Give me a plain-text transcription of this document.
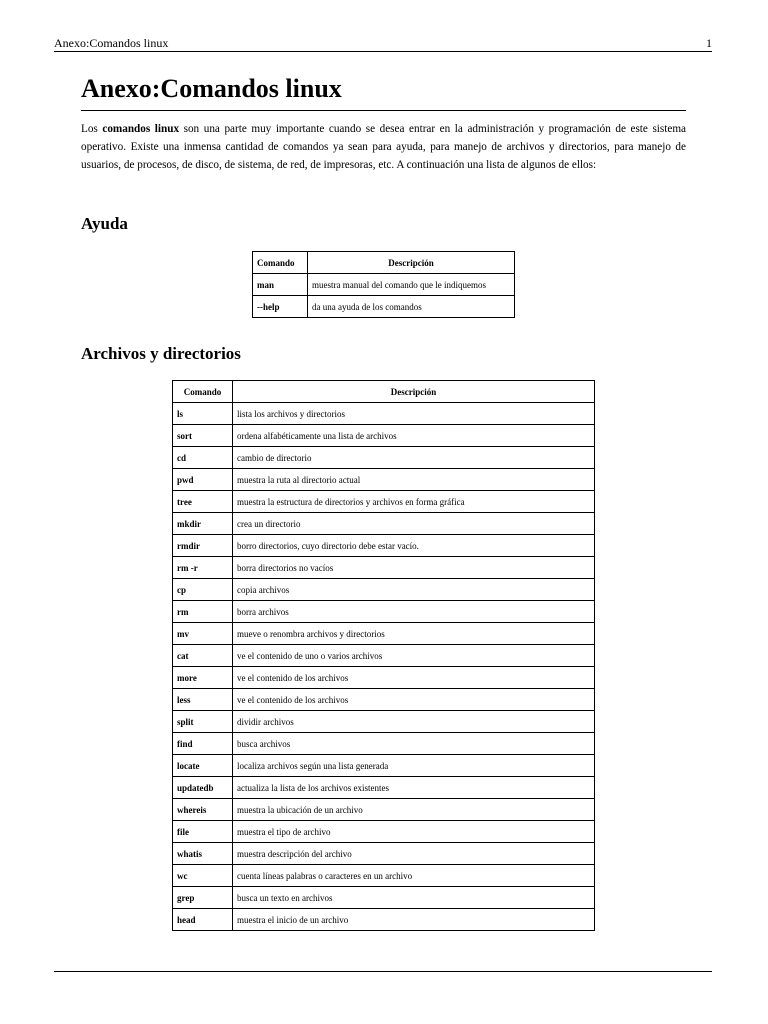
Anexo:Comandos linux	1
Anexo:Comandos linux

Los comandos linux son una parte muy importante cuando se desea entrar en la administración y programación de este sistema operativo. Existe una inmensa cantidad de comandos ya sean para ayuda, para manejo de archivos y directorios, para manejo de usuarios, de procesos, de disco, de sistema, de red, de impresoras, etc. A continuación una lista de algunos de ellos:

Ayuda
Comando	Descripción
man	muestra manual del comando que le indiquemos
--help	da una ayuda de los comandos
Archivos y directorios
Comando	Descripción
ls	lista los archivos y directorios
sort	ordena alfabéticamente una lista de archivos
cd	cambio de directorio
pwd	muestra la ruta al directorio actual
tree	muestra la estructura de directorios y archivos en forma gráfica
mkdir	crea un directorio
rmdir	borro directorios, cuyo directorio debe estar vacío.
rm -r	borra directorios no vacíos
cp	copia archivos
rm	borra archivos
mv	mueve o renombra archivos y directorios
cat	ve el contenido de uno o varios archivos
more	ve el contenido de los archivos
less	ve el contenido de los archivos
split	dividir archivos
find	busca archivos
locate	localiza archivos según una lista generada
updatedb	actualiza la lista de los archivos existentes
whereis	muestra la ubicación de un archivo
file	muestra el tipo de archivo
whatis	muestra descripción del archivo
wc	cuenta líneas palabras o caracteres en un archivo
grep	busca un texto en archivos
head	muestra el inicio de un archivo
